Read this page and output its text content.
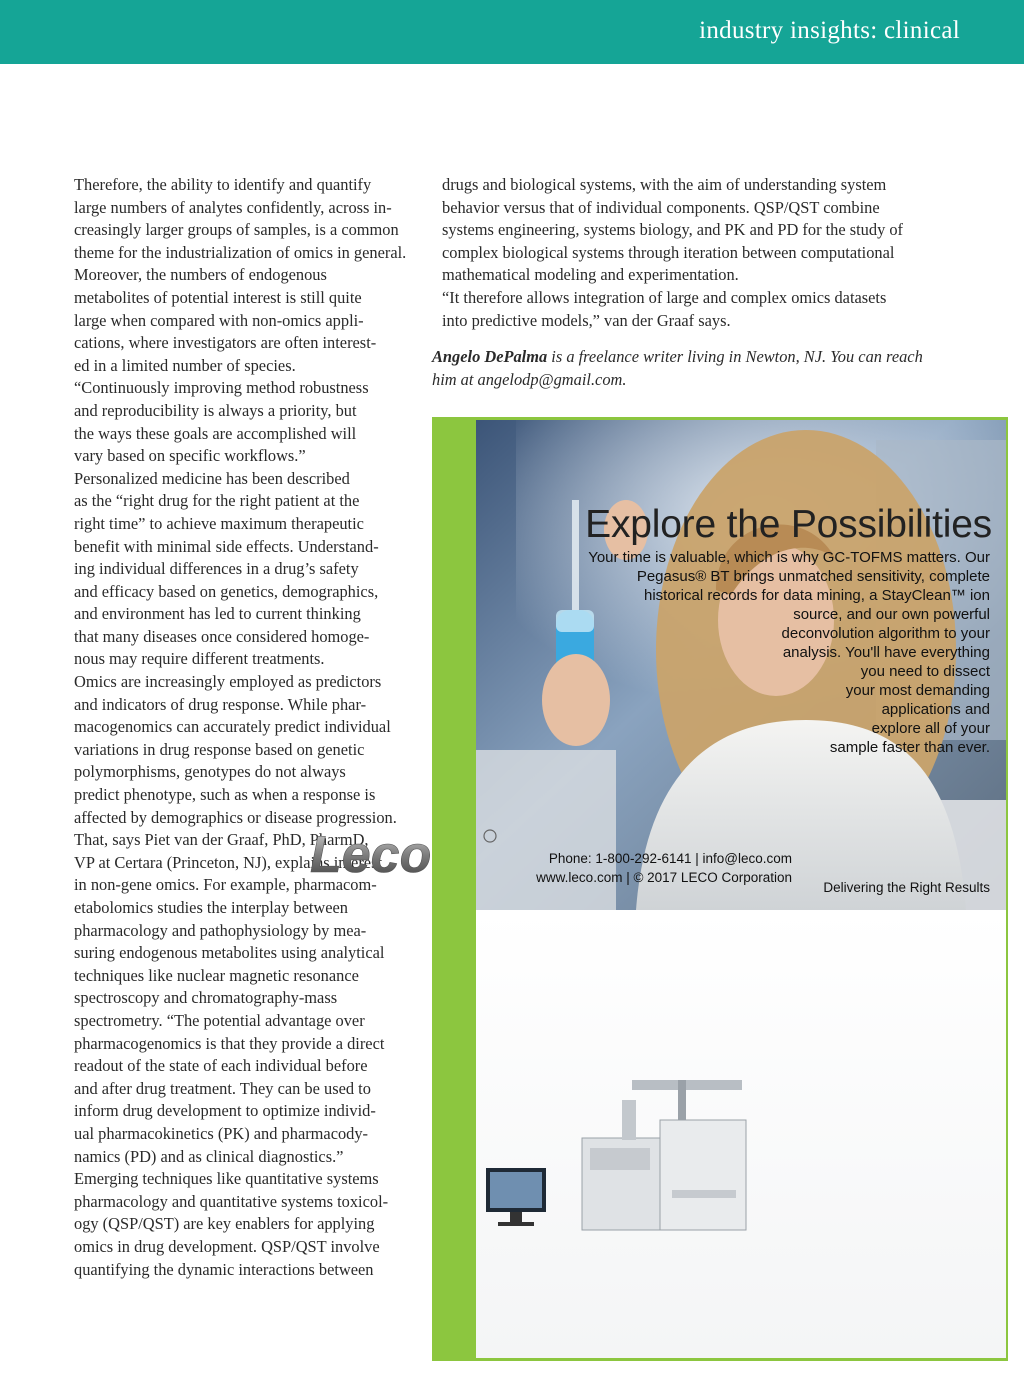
industry insights: clinical

Therefore, the ability to identify and quantify
large numbers of analytes confidently, across in-
creasingly larger groups of samples, is a common
theme for the industrialization of omics in general.

Moreover, the numbers of endogenous
metabolites of potential interest is still quite
large when compared with non-omics appli-
cations, where investigators are often interest-
ed in a limited number of species.

“Continuously improving method robustness
and reproducibility is always a priority, but
the ways these goals are accomplished will
vary based on specific workflows.”

Personalized medicine has been described
as the “right drug for the right patient at the
right time” to achieve maximum therapeutic
benefit with minimal side effects. Understand-
ing individual differences in a drug’s safety
and efficacy based on genetics, demographics,
and environment has led to current thinking
that many diseases once considered homoge-
nous may require different treatments.

Omics are increasingly employed as predictors
and indicators of drug response. While phar-
macogenomics can accurately predict individual
variations in drug response based on genetic
polymorphisms, genotypes do not always
predict phenotype, such as when a response is
affected by demographics or disease progression.

That, says Piet van der Graaf, PhD, PharmD,
VP at Certara (Princeton, NJ), explains interest
in non-gene omics. For example, pharmacom-
etabolomics studies the interplay between
pharmacology and pathophysiology by mea-
suring endogenous metabolites using analytical
techniques like nuclear magnetic resonance
spectroscopy and chromatography-mass
spectrometry. “The potential advantage over
pharmacogenomics is that they provide a direct
readout of the state of each individual before
and after drug treatment. They can be used to
inform drug development to optimize individ-
ual pharmacokinetics (PK) and pharmacody-
namics (PD) and as clinical diagnostics.”

Emerging techniques like quantitative systems
pharmacology and quantitative systems toxicol-
ogy (QSP/QST) are key enablers for applying
omics in drug development. QSP/QST involve
quantifying the dynamic interactions between

drugs and biological systems, with the aim of understanding system
behavior versus that of individual components. QSP/QST combine
systems engineering, systems biology, and PK and PD for the study of
complex biological systems through iteration between computational
mathematical modeling and experimentation.

“It therefore allows integration of large and complex omics datasets
into predictive models,” van der Graaf says.

Angelo DePalma is a freelance writer living in Newton, NJ. You can reach
him at angelodp@gmail.com.

Explore the Possibilities
Your time is valuable, which is why GC-TOFMS matters. Our
Pegasus® BT brings unmatched sensitivity, complete
historical records for data mining, a StayClean™ ion
source, and our own powerful
deconvolution algorithm to your
analysis. You'll have everything
you need to dissect
your most demanding
applications and
explore all of your
sample faster than ever.
Phone: 1-800-292-6141 | info@leco.com
www.leco.com | © 2017 LECO Corporation
Leco
Delivering the Right Results
